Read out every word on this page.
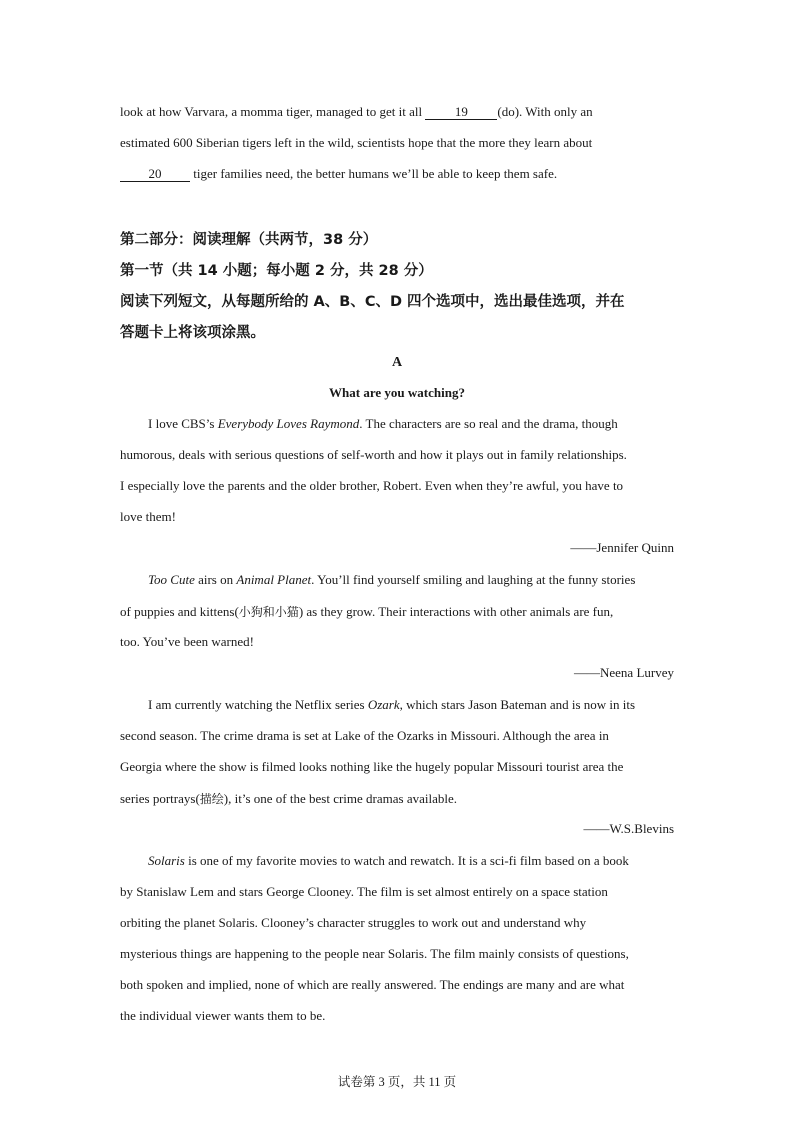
look at how Varvara, a momma tiger, managed to get it all 19 (do). With only an
estimated 600 Siberian tigers left in the wild, scientists hope that the more they learn about
20 tiger families need, the better humans we’ll be able to keep them safe.
第二部分：阅读理解（共两节，38 分）
第一节（共 14 小题；每小题 2 分，共 28 分）
阅读下列短文，从每题所给的 A、B、C、D 四个选项中，选出最佳选项，并在
答题卡上将该项涂黑。
A
What are you watching?
I love CBS’s Everybody Loves Raymond. The characters are so real and the drama, though
humorous, deals with serious questions of self-worth and how it plays out in family relationships.
I especially love the parents and the older brother, Robert. Even when they’re awful, you have to
love them!
——Jennifer Quinn
Too Cute airs on Animal Planet. You’ll find yourself smiling and laughing at the funny stories
of puppies and kittens(小狗和小猫) as they grow. Their interactions with other animals are fun,
too. You’ve been warned!
——Neena Lurvey
I am currently watching the Netflix series Ozark, which stars Jason Bateman and is now in its
second season. The crime drama is set at Lake of the Ozarks in Missouri. Although the area in
Georgia where the show is filmed looks nothing like the hugely popular Missouri tourist area the
series portrays(描绘), it’s one of the best crime dramas available.
——W.S.Blevins
Solaris is one of my favorite movies to watch and rewatch. It is a sci-fi film based on a book
by Stanislaw Lem and stars George Clooney. The film is set almost entirely on a space station
orbiting the planet Solaris. Clooney’s character struggles to work out and understand why
mysterious things are happening to the people near Solaris. The film mainly consists of questions,
both spoken and implied, none of which are really answered. The endings are many and are what
the individual viewer wants them to be.
试卷第 3 页，共 11 页
